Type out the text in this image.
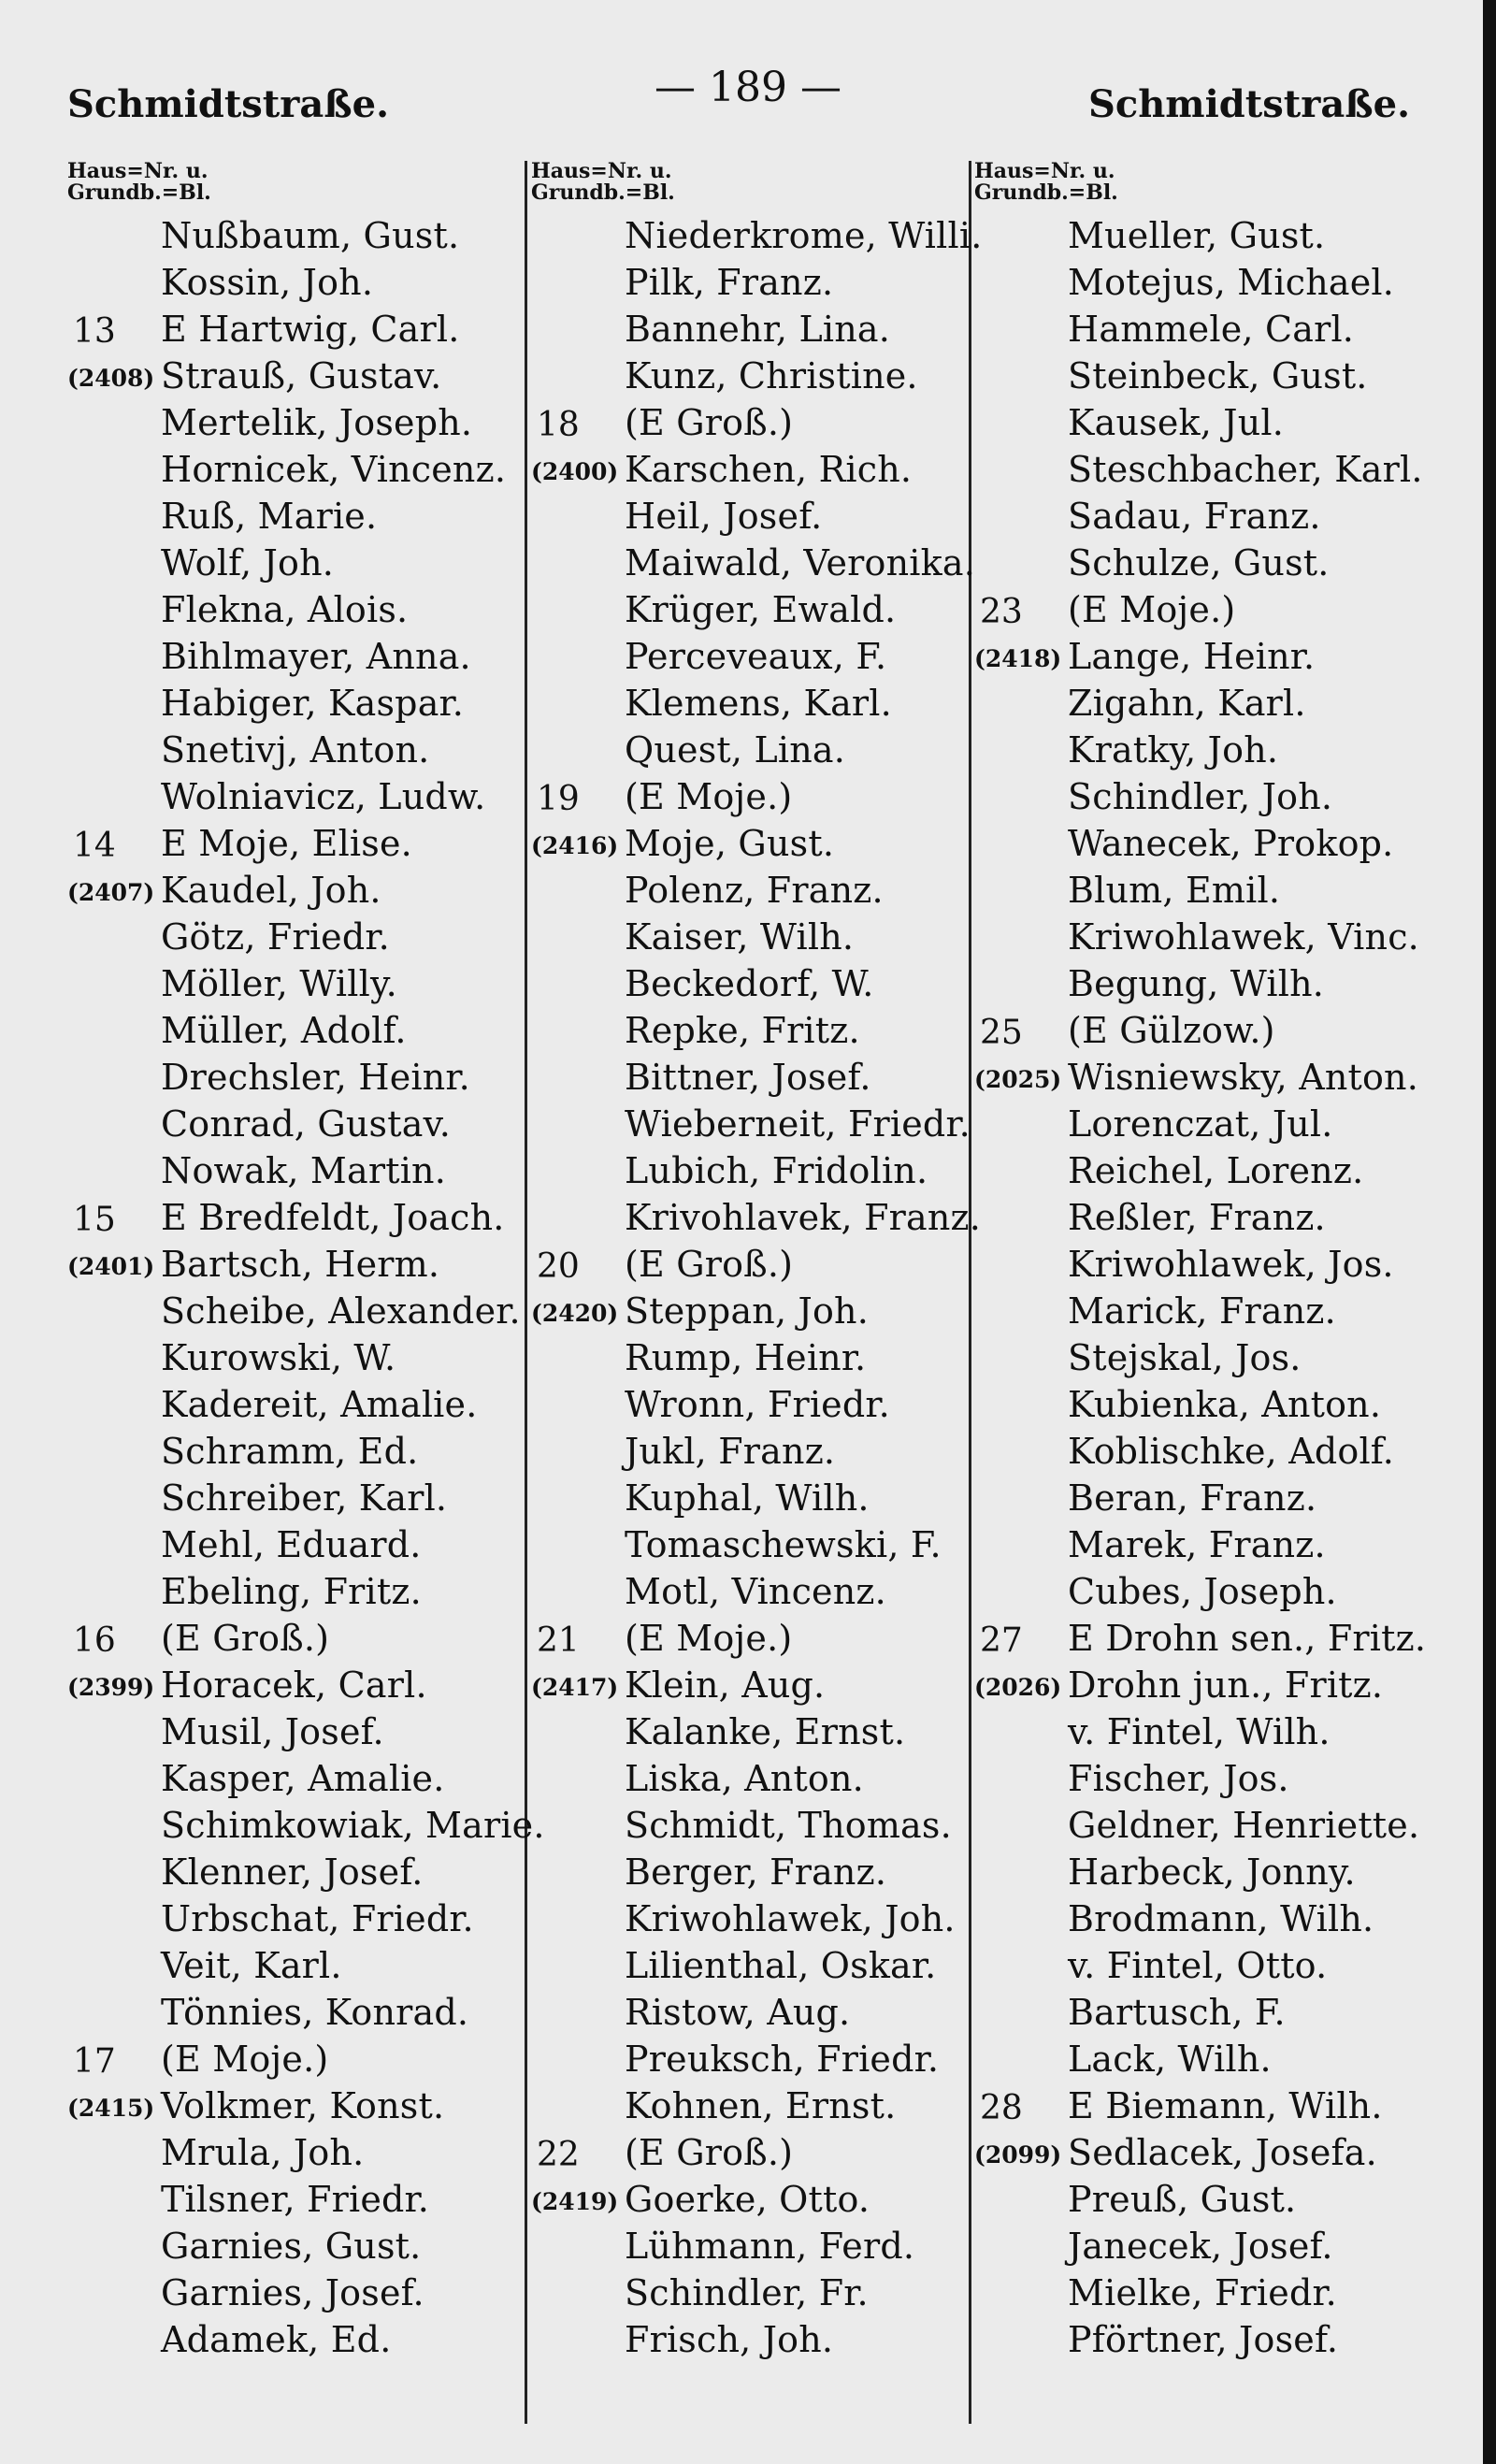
Schmidtstraße.	— 189 —	Schmidtstraße.
Haus=Nr. u.
Grundb.=Bl.
Nußbaum, Gust.
Kossin, Joh.
13 E Hartwig, Carl.
(2408) Strauß, Gustav.
Mertelik, Joseph.
Hornicek, Vincenz.
Ruß, Marie.
Wolf, Joh.
Flekna, Alois.
Bihlmayer, Anna.
Habiger, Kaspar.
Snetivj, Anton.
Wolniavicz, Ludw.
14 E Moje, Elise.
(2407) Kaudel, Joh.
Götz, Friedr.
Möller, Willy.
Müller, Adolf.
Drechsler, Heinr.
Conrad, Gustav.
Nowak, Martin.
15 E Bredfeldt, Joach.
(2401) Bartsch, Herm.
Scheibe, Alexander.
Kurowski, W.
Kadereit, Amalie.
Schramm, Ed.
Schreiber, Karl.
Mehl, Eduard.
Ebeling, Fritz.
16 (E Groß.)
(2399) Horacek, Carl.
Musil, Josef.
Kasper, Amalie.
Schimkowiak, Marie.
Klenner, Josef.
Urbschat, Friedr.
Veit, Karl.
Tönnies, Konrad.
17 (E Moje.)
(2415) Volkmer, Konst.
Mrula, Joh.
Tilsner, Friedr.
Garnies, Gust.
Garnies, Josef.
Adamek, Ed.
Haus=Nr. u.
Grundb.=Bl.
Niederkrome, Willi.
Pilk, Franz.
Bannehr, Lina.
Kunz, Christine.
18 (E Groß.)
(2400) Karschen, Rich.
Heil, Josef.
Maiwald, Veronika.
Krüger, Ewald.
Perceveaux, F.
Klemens, Karl.
Quest, Lina.
19 (E Moje.)
(2416) Moje, Gust.
Polenz, Franz.
Kaiser, Wilh.
Beckedorf, W.
Repke, Fritz.
Bittner, Josef.
Wieberneit, Friedr.
Lubich, Fridolin.
Krivohlavek, Franz.
20 (E Groß.)
(2420) Steppan, Joh.
Rump, Heinr.
Wronn, Friedr.
Jukl, Franz.
Kuphal, Wilh.
Tomaschewski, F.
Motl, Vincenz.
21 (E Moje.)
(2417) Klein, Aug.
Kalanke, Ernst.
Liska, Anton.
Schmidt, Thomas.
Berger, Franz.
Kriwohlawek, Joh.
Lilienthal, Oskar.
Ristow, Aug.
Preuksch, Friedr.
Kohnen, Ernst.
22 (E Groß.)
(2419) Goerke, Otto.
Lühmann, Ferd.
Schindler, Fr.
Frisch, Joh.
Haus=Nr. u.
Grundb.=Bl.
Mueller, Gust.
Motejus, Michael.
Hammele, Carl.
Steinbeck, Gust.
Kausek, Jul.
Steschbacher, Karl.
Sadau, Franz.
Schulze, Gust.
23 (E Moje.)
(2418) Lange, Heinr.
Zigahn, Karl.
Kratky, Joh.
Schindler, Joh.
Wanecek, Prokop.
Blum, Emil.
Kriwohlawek, Vinc.
Begung, Wilh.
25 (E Gülzow.)
(2025) Wisniewsky, Anton.
Lorenczat, Jul.
Reichel, Lorenz.
Reßler, Franz.
Kriwohlawek, Jos.
Marick, Franz.
Stejskal, Jos.
Kubienka, Anton.
Koblischke, Adolf.
Beran, Franz.
Marek, Franz.
Cubes, Joseph.
27 E Drohn sen., Fritz.
(2026) Drohn jun., Fritz.
v. Fintel, Wilh.
Fischer, Jos.
Geldner, Henriette.
Harbeck, Jonny.
Brodmann, Wilh.
v. Fintel, Otto.
Bartusch, F.
Lack, Wilh.
28 E Biemann, Wilh.
(2099) Sedlacek, Josefa.
Preuß, Gust.
Janecek, Josef.
Mielke, Friedr.
Pförtner, Josef.
